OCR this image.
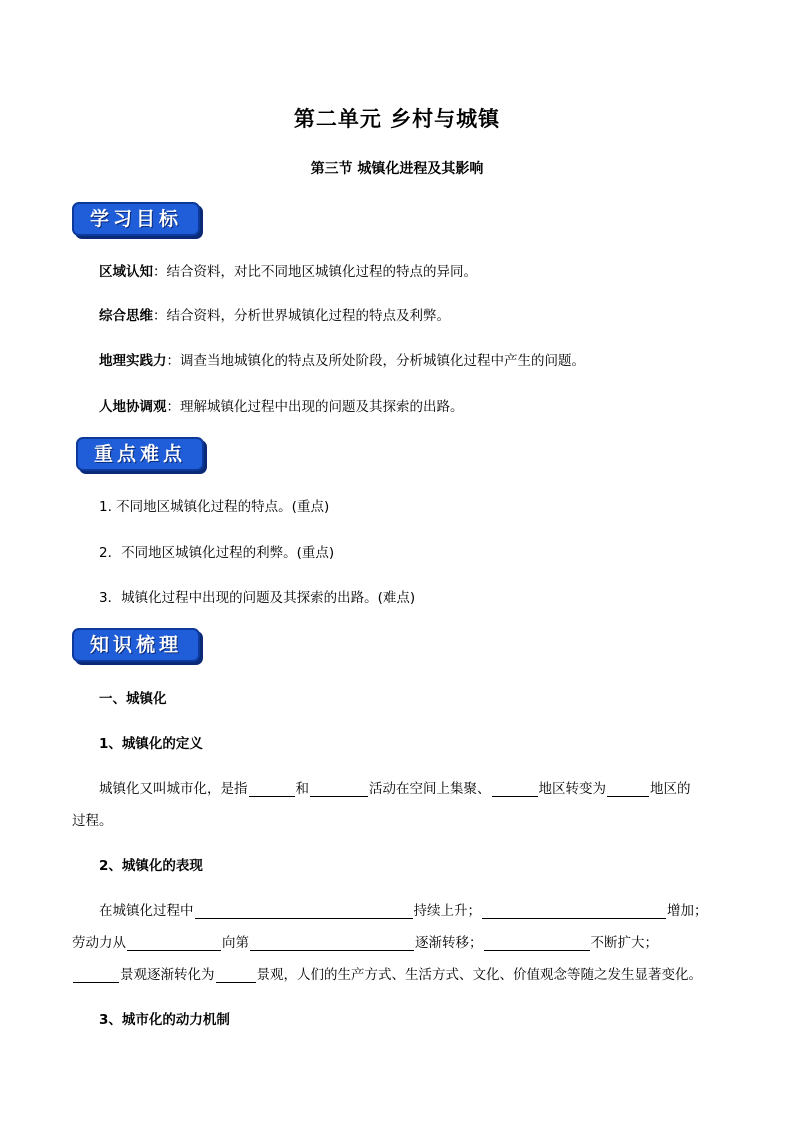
第二单元 乡村与城镇
第三节 城镇化进程及其影响
学习目标
区域认知：结合资料，对比不同地区城镇化过程的特点的异同。
综合思维：结合资料，分析世界城镇化过程的特点及利弊。
地理实践力：调查当地城镇化的特点及所处阶段，分析城镇化过程中产生的问题。
人地协调观：理解城镇化过程中出现的问题及其探索的出路。
重点难点
1. 不同地区城镇化过程的特点。(重点)
2．不同地区城镇化过程的利弊。(重点)
3．城镇化过程中出现的问题及其探索的出路。(难点)
知识梳理
一、城镇化
1、城镇化的定义
城镇化又叫城市化，是指	和	活动在空间上集聚、	地区转变为	地区的
过程。
2、城镇化的表现
在城镇化过程中	持续上升；	增加；
劳动力从	向第	逐渐转移；	不断扩大；
景观逐渐转化为	景观，人们的生产方式、生活方式、文化、价值观念等随之发生显著变化。
3、城市化的动力机制
